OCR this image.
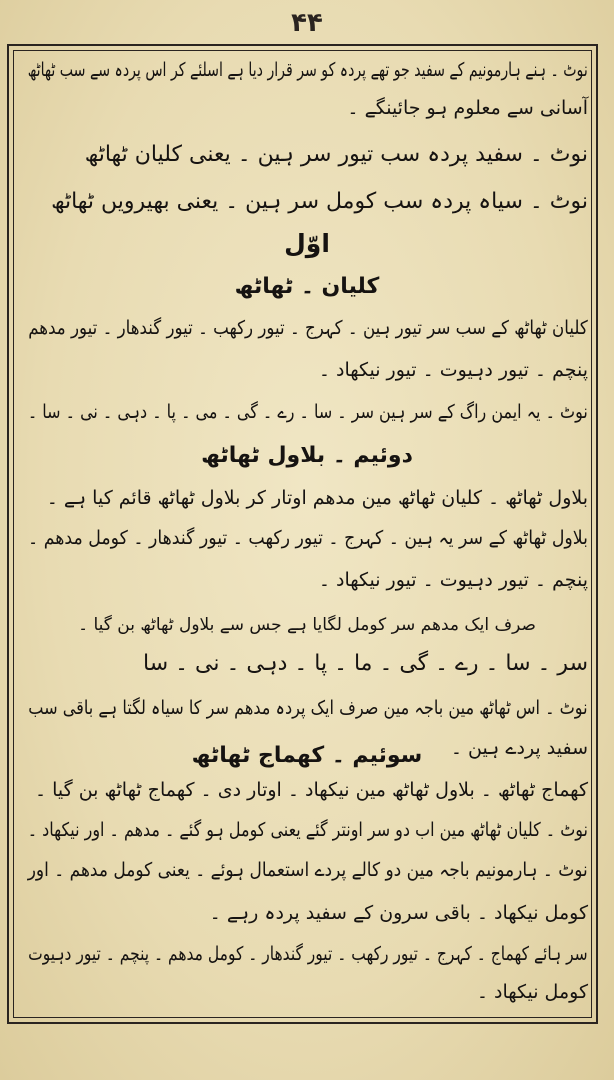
۴۴
نوٹ ۔ ہنے ہارمونیم کے سفید جو تھے پردہ کو سر قرار دیا ہے اسلئے کر اس پردہ سے سب ٹھاٹھ
آسانی سے معلوم ہو جائینگے ۔
نوٹ ۔ سفید پردہ سب تیور سر ہین ۔ یعنی کلیان ٹھاٹھ
نوٹ ۔ سیاہ پردہ سب کومل سر ہین ۔ یعنی بھیرویں ٹھاٹھ
اوّل
کلیان ۔ ٹھاٹھ
کلیان ٹھاٹھ کے سب سر تیور ہین ۔ کہرج ۔ تیور رکھب ۔ تیور گندھار ۔ تیور مدھم
پنچم ۔ تیور دہیوت ۔ تیور نیکھاد ۔
نوٹ ۔ یہ ایمن راگ کے سر ہین سر ۔ سا ۔ رے ۔ گی ۔ می ۔ پا ۔ دہی ۔ نی ۔ سا ۔
دوئیم ۔ بلاول ٹھاٹھ
بلاول ٹھاٹھ ۔ کلیان ٹھاٹھ مین مدھم اوتار کر بلاول ٹھاٹھ قائم کیا ہے ۔
بلاول ٹھاٹھ کے سر یہ ہین ۔ کہرج ۔ تیور رکھب ۔ تیور گندھار ۔ کومل مدھم ۔
پنچم ۔ تیور دہیوت ۔ تیور نیکھاد ۔
صرف ایک مدھم سر کومل لگایا ہے جس سے بلاول ٹھاٹھ بن گیا ۔
سر ۔ سا ۔ رے ۔ گی ۔ ما ۔ پا ۔ دہی ۔ نی ۔ سا
نوٹ ۔ اس ٹھاٹھ مین باجہ مین صرف ایک پردہ مدھم سر کا سیاہ لگتا ہے باقی سب
سفید پردے ہین ۔
سوئیم ۔ کھماج ٹھاٹھ
کھماج ٹھاٹھ ۔ بلاول ٹھاٹھ مین نیکھاد ۔ اوتار دی ۔ کھماج ٹھاٹھ بن گیا ۔
نوٹ ۔ کلیان ٹھاٹھ مین اب دو سر اونتر گئے یعنی کومل ہو گئے ۔ مدھم ۔ اور نیکھاد ۔
نوٹ ۔ ہارمونیم باجہ مین دو کالے پردے استعمال ہوئے ۔ یعنی کومل مدھم ۔ اور
کومل نیکھاد ۔ باقی سرون کے سفید پردہ رہے ۔
سر ہائے کھماج ۔ کہرج ۔ تیور رکھب ۔ تیور گندھار ۔ کومل مدھم ۔ پنچم ۔ تیور دہیوت
کومل نیکھاد ۔
